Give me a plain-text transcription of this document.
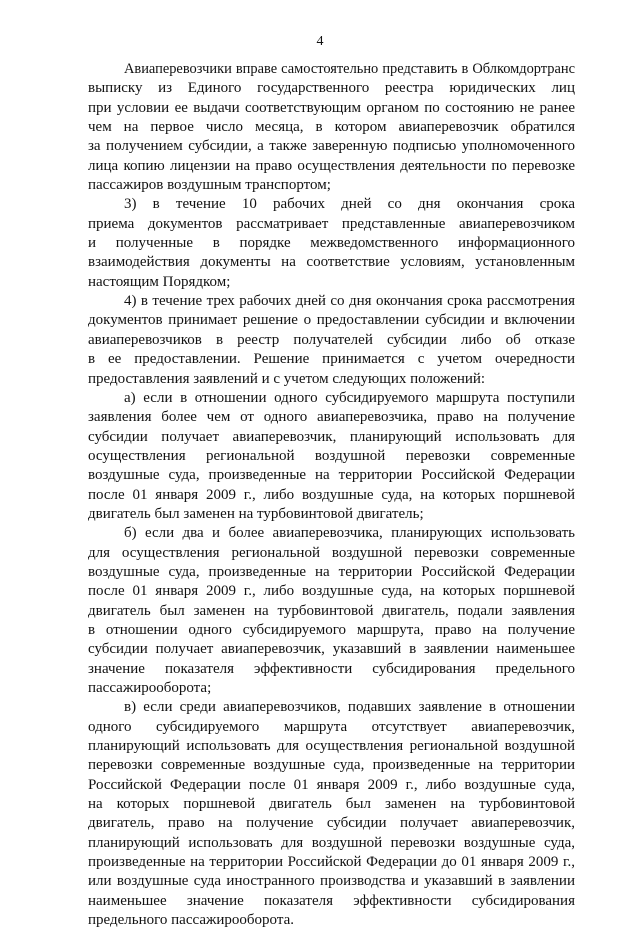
4
Авиаперевозчики вправе самостоятельно представить в Облкомдортранс
выписку из Единого государственного реестра юридических лиц
при условии ее выдачи соответствующим органом по состоянию не ранее
чем на первое число месяца, в котором авиаперевозчик обратился
за получением субсидии, а также заверенную подписью уполномоченного
лица копию лицензии на право осуществления деятельности по перевозке
пассажиров воздушным транспортом;
3) в течение 10 рабочих дней со дня окончания срока
приема документов рассматривает представленные авиаперевозчиком
и полученные в порядке межведомственного информационного
взаимодействия документы на соответствие условиям, установленным
настоящим Порядком;
4) в течение трех рабочих дней со дня окончания срока рассмотрения
документов принимает решение о предоставлении субсидии и включении
авиаперевозчиков в реестр получателей субсидии либо об отказе
в ее предоставлении. Решение принимается с учетом очередности
предоставления заявлений и с учетом следующих положений:
а) если в отношении одного субсидируемого маршрута поступили
заявления более чем от одного авиаперевозчика, право на получение
субсидии получает авиаперевозчик, планирующий использовать для
осуществления региональной воздушной перевозки современные
воздушные суда, произведенные на территории Российской Федерации
после 01 января 2009 г., либо воздушные суда, на которых поршневой
двигатель был заменен на турбовинтовой двигатель;
б) если два и более авиаперевозчика, планирующих использовать
для осуществления региональной воздушной перевозки современные
воздушные суда, произведенные на территории Российской Федерации
после 01 января 2009 г., либо воздушные суда, на которых поршневой
двигатель был заменен на турбовинтовой двигатель, подали заявления
в отношении одного субсидируемого маршрута, право на получение
субсидии получает авиаперевозчик, указавший в заявлении наименьшее
значение показателя эффективности субсидирования предельного
пассажирооборота;
в) если среди авиаперевозчиков, подавших заявление в отношении
одного субсидируемого маршрута отсутствует авиаперевозчик,
планирующий использовать для осуществления региональной воздушной
перевозки современные воздушные суда, произведенные на территории
Российской Федерации после 01 января 2009 г., либо воздушные суда,
на которых поршневой двигатель был заменен на турбовинтовой
двигатель, право на получение субсидии получает авиаперевозчик,
планирующий использовать для воздушной перевозки воздушные суда,
произведенные на территории Российской Федерации до 01 января 2009 г.,
или воздушные суда иностранного производства и указавший в заявлении
наименьшее значение показателя эффективности субсидирования
предельного пассажирооборота.
